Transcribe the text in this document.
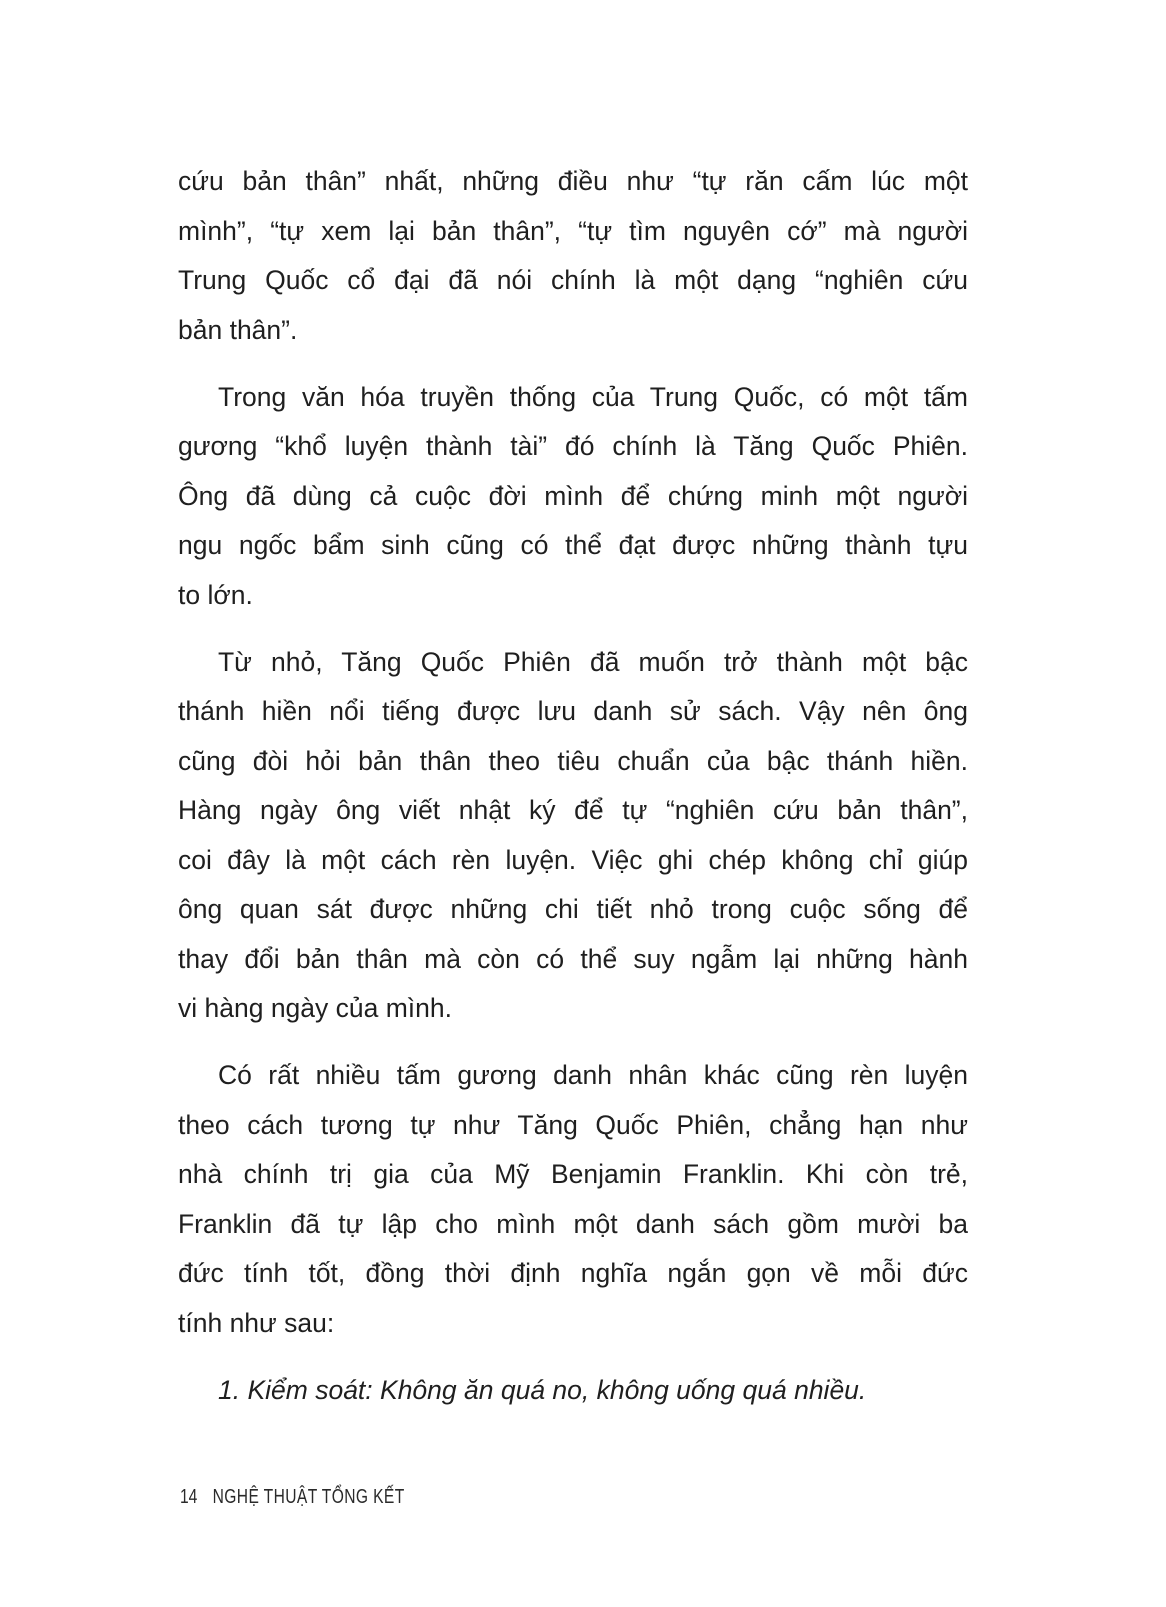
cứu bản thân” nhất, những điều như “tự răn cấm lúc một
mình”, “tự xem lại bản thân”, “tự tìm nguyên cớ” mà người
Trung Quốc cổ đại đã nói chính là một dạng “nghiên cứu
bản thân”.
Trong văn hóa truyền thống của Trung Quốc, có một tấm
gương “khổ luyện thành tài” đó chính là Tăng Quốc Phiên.
Ông đã dùng cả cuộc đời mình để chứng minh một người
ngu ngốc bẩm sinh cũng có thể đạt được những thành tựu
to lớn.
Từ nhỏ, Tăng Quốc Phiên đã muốn trở thành một bậc
thánh hiền nổi tiếng được lưu danh sử sách. Vậy nên ông
cũng đòi hỏi bản thân theo tiêu chuẩn của bậc thánh hiền.
Hàng ngày ông viết nhật ký để tự “nghiên cứu bản thân”,
coi đây là một cách rèn luyện. Việc ghi chép không chỉ giúp
ông quan sát được những chi tiết nhỏ trong cuộc sống để
thay đổi bản thân mà còn có thể suy ngẫm lại những hành
vi hàng ngày của mình.
Có rất nhiều tấm gương danh nhân khác cũng rèn luyện
theo cách tương tự như Tăng Quốc Phiên, chẳng hạn như
nhà chính trị gia của Mỹ Benjamin Franklin. Khi còn trẻ,
Franklin đã tự lập cho mình một danh sách gồm mười ba
đức tính tốt, đồng thời định nghĩa ngắn gọn về mỗi đức
tính như sau:
1. Kiểm soát: Không ăn quá no, không uống quá nhiều.
14 NGHỆ THUẬT TỔNG KẾT
